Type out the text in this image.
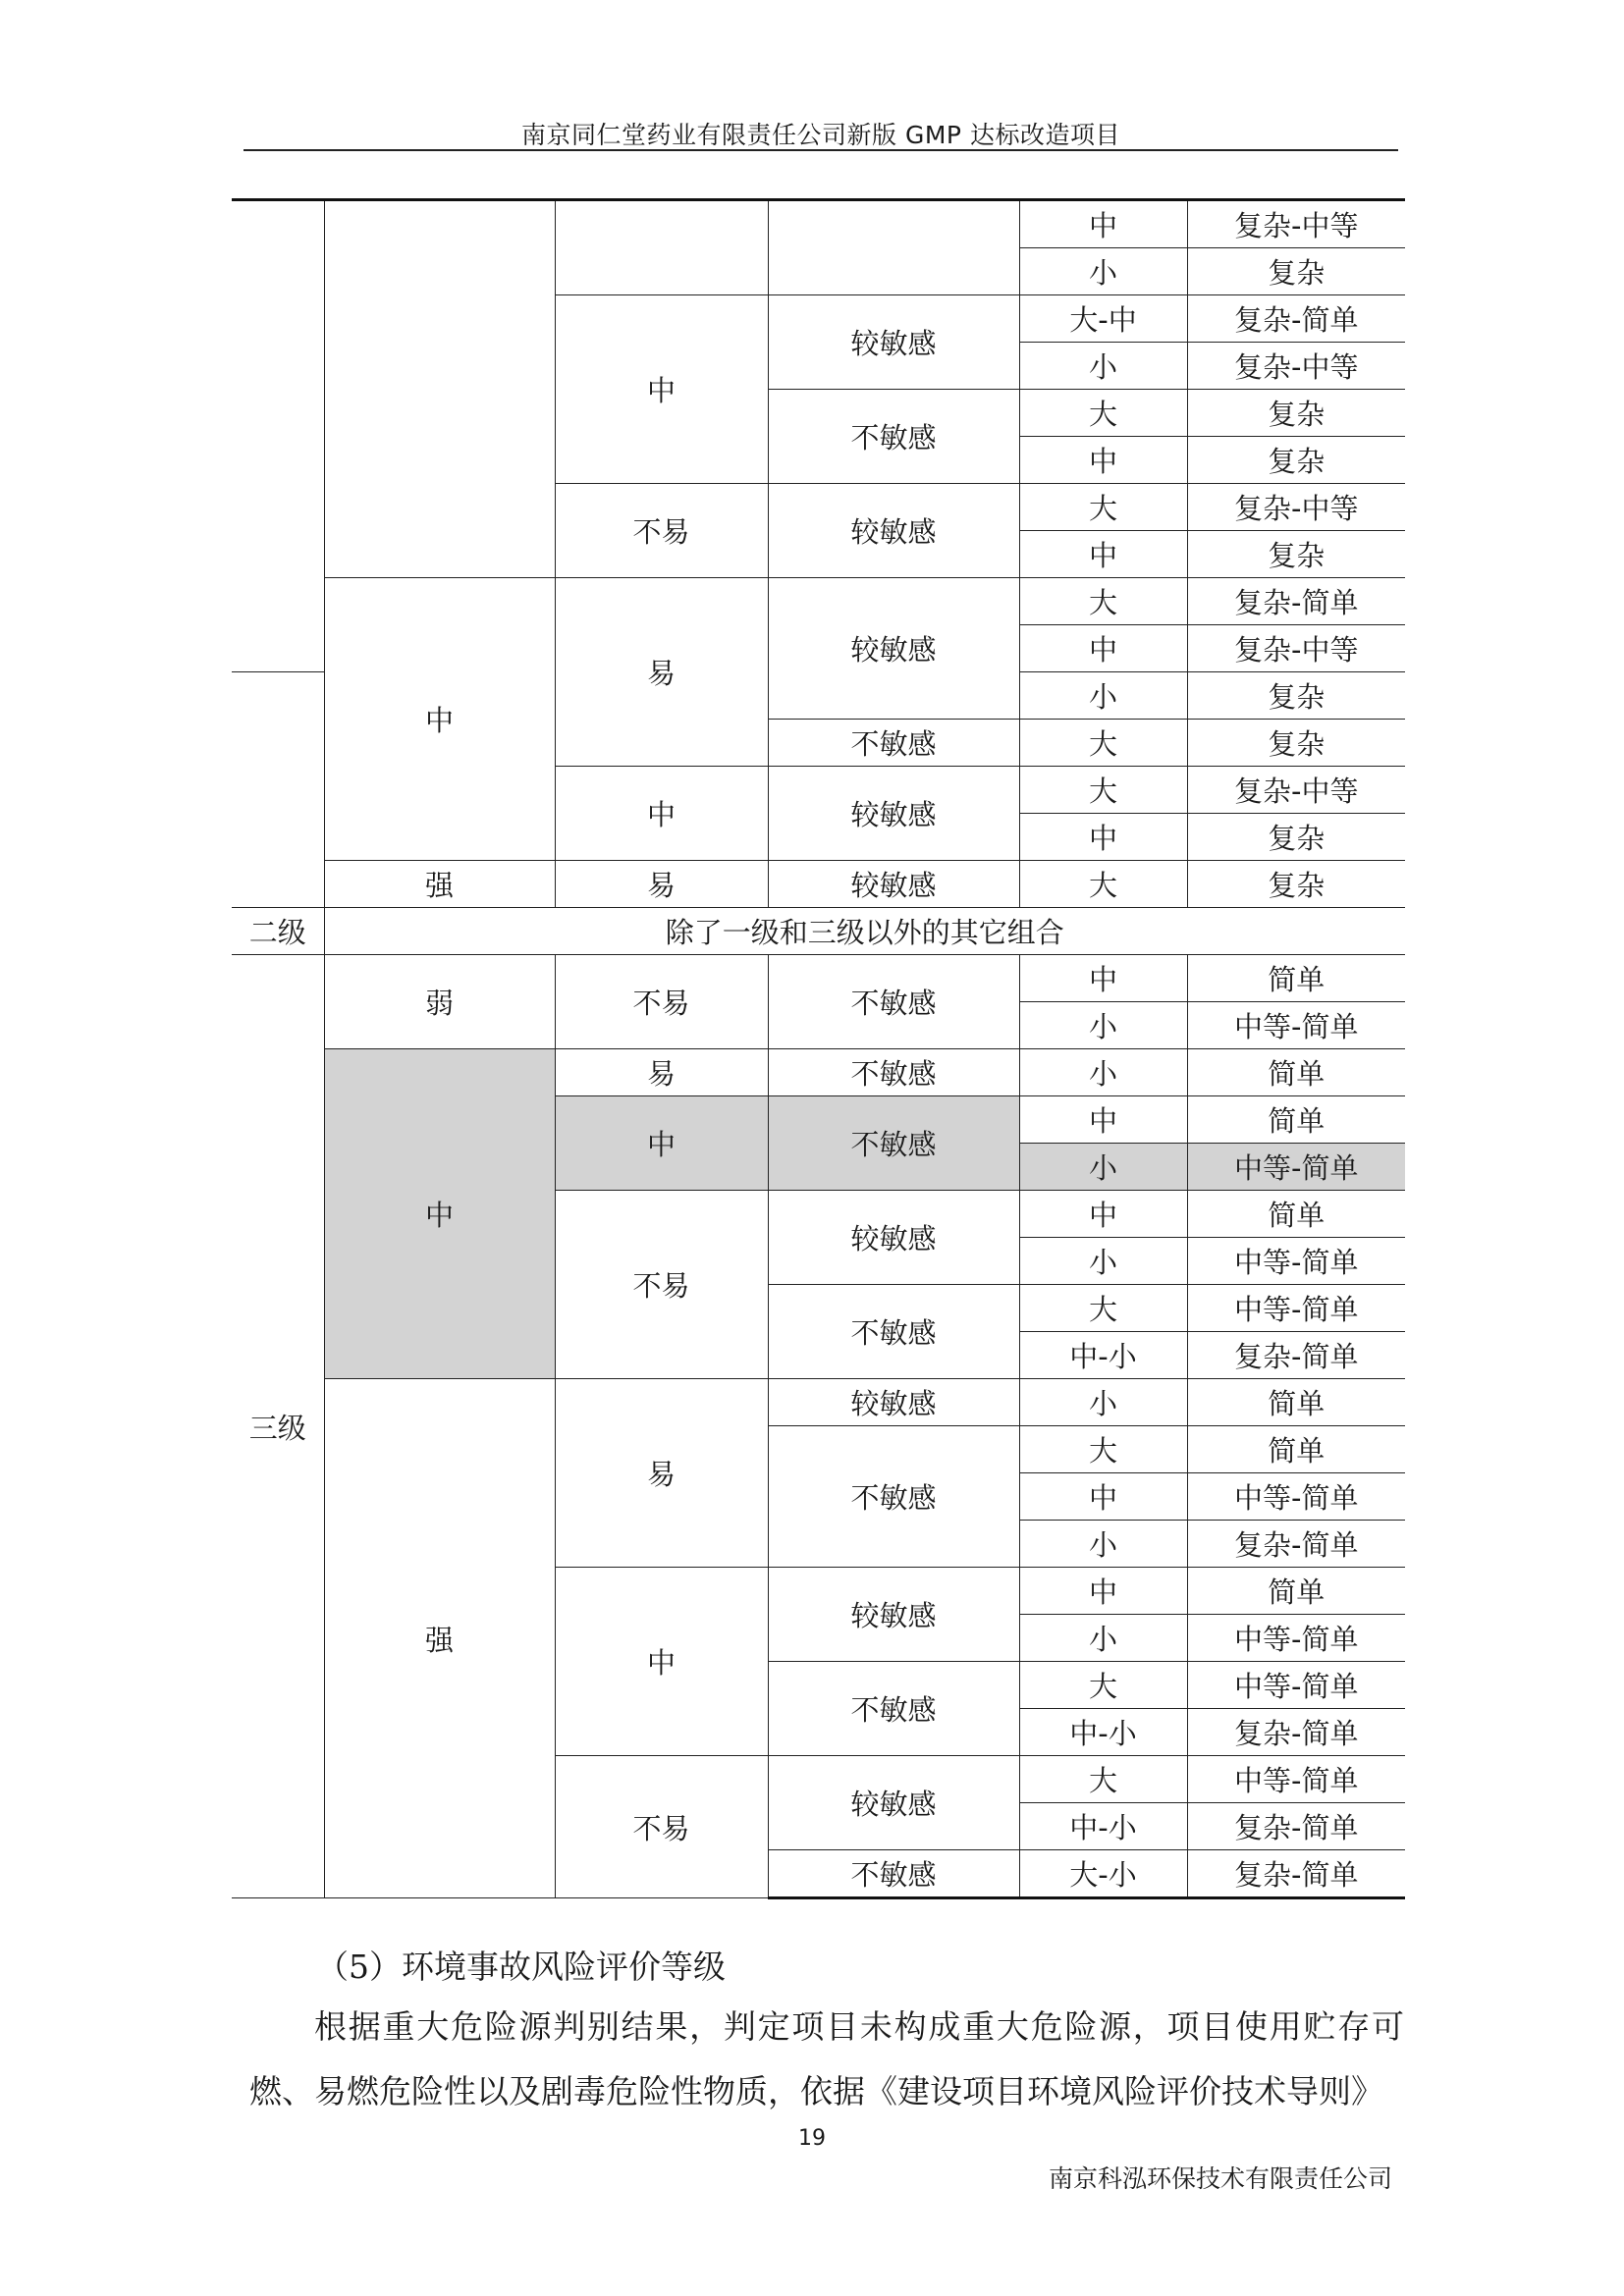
南京同仁堂药业有限责任公司新版 GMP 达标改造项目
				中	复杂-中等
				小	复杂
		中	较敏感	大-中	复杂-简单
				小	复杂-中等
			不敏感	大	复杂
				中	复杂
		不易	较敏感	大	复杂-中等
				中	复杂
	中	易	较敏感	大	复杂-简单
				中	复杂-中等
				小	复杂
			不敏感	大	复杂
		中	较敏感	大	复杂-中等
				中	复杂
	强	易	较敏感	大	复杂
二级	除了一级和三级以外的其它组合				
三级	弱	不易	不敏感	中	简单
				小	中等-简单
	中	易	不敏感	小	简单
		中	不敏感	中	简单
				小	中等-简单
		不易	较敏感	中	简单
				小	中等-简单
			不敏感	大	中等-简单
				中-小	复杂-简单
	强	易	较敏感	小	简单
			不敏感	大	简单
				中	中等-简单
				小	复杂-简单
		中	较敏感	中	简单
				小	中等-简单
			不敏感	大	中等-简单
				中-小	复杂-简单
		不易	较敏感	大	中等-简单
				中-小	复杂-简单
			不敏感	大-小	复杂-简单
（5）环境事故风险评价等级
根据重大危险源判别结果，判定项目未构成重大危险源，项目使用贮存可燃、易燃危险性以及剧毒危险性物质，依据《建设项目环境风险评价技术导则》
19
南京科泓环保技术有限责任公司
